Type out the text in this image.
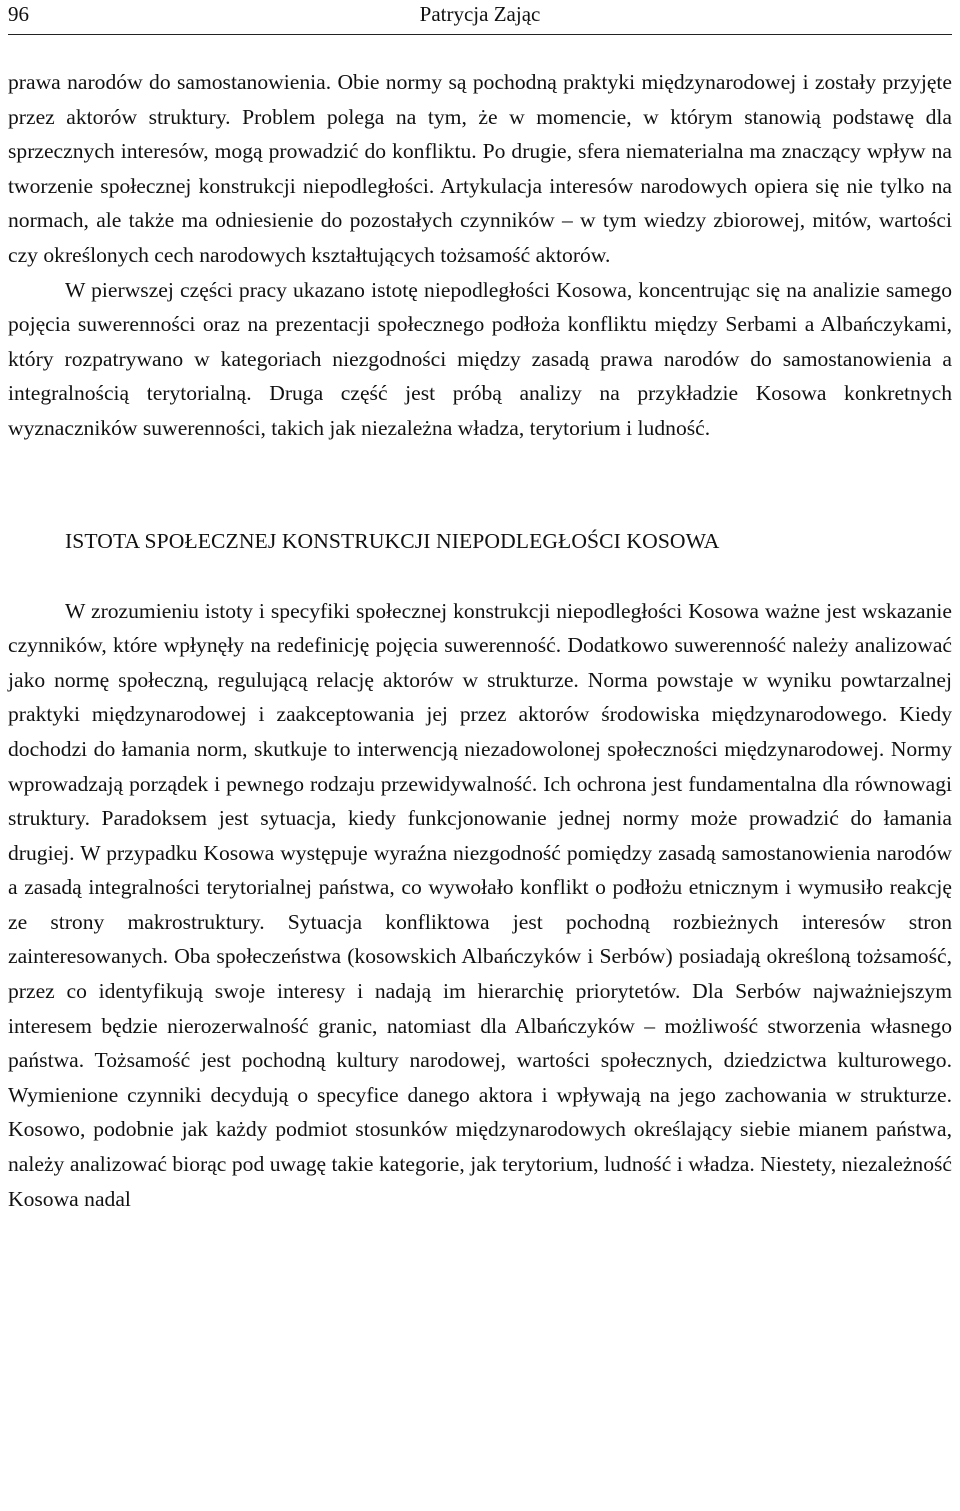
96	Patrycja Zając

prawa narodów do samostanowienia. Obie normy są pochodną praktyki międzynarodowej i zostały przyjęte przez aktorów struktury. Problem polega na tym, że w momencie, w którym stanowią podstawę dla sprzecznych interesów, mogą prowadzić do konfliktu. Po drugie, sfera niematerialna ma znaczący wpływ na tworzenie społecznej konstrukcji niepodległości. Artykulacja interesów narodowych opiera się nie tylko na normach, ale także ma odniesienie do pozostałych czynników – w tym wiedzy zbiorowej, mitów, wartości czy określonych cech narodowych kształtujących tożsamość aktorów.

W pierwszej części pracy ukazano istotę niepodległości Kosowa, koncentrując się na analizie samego pojęcia suwerenności oraz na prezentacji społecznego podłoża konfliktu między Serbami a Albańczykami, który rozpatrywano w kategoriach niezgodności między zasadą prawa narodów do samostanowienia a integralnością terytorialną. Druga część jest próbą analizy na przykładzie Kosowa konkretnych wyznaczników suwerenności, takich jak niezależna władza, terytorium i ludność.

ISTOTA SPOŁECZNEJ KONSTRUKCJI NIEPODLEGŁOŚCI KOSOWA

W zrozumieniu istoty i specyfiki społecznej konstrukcji niepodległości Kosowa ważne jest wskazanie czynników, które wpłynęły na redefinicję pojęcia suwerenność. Dodatkowo suwerenność należy analizować jako normę społeczną, regulującą relację aktorów w strukturze. Norma powstaje w wyniku powtarzalnej praktyki międzynarodowej i zaakceptowania jej przez aktorów środowiska międzynarodowego. Kiedy dochodzi do łamania norm, skutkuje to interwencją niezadowolonej społeczności międzynarodowej. Normy wprowadzają porządek i pewnego rodzaju przewidywalność. Ich ochrona jest fundamentalna dla równowagi struktury. Paradoksem jest sytuacja, kiedy funkcjonowanie jednej normy może prowadzić do łamania drugiej. W przypadku Kosowa występuje wyraźna niezgodność pomiędzy zasadą samostanowienia narodów a zasadą integralności terytorialnej państwa, co wywołało konflikt o podłożu etnicznym i wymusiło reakcję ze strony makrostruktury. Sytuacja konfliktowa jest pochodną rozbieżnych interesów stron zainteresowanych. Oba społeczeństwa (kosowskich Albańczyków i Serbów) posiadają określoną tożsamość, przez co identyfikują swoje interesy i nadają im hierarchię priorytetów. Dla Serbów najważniejszym interesem będzie nierozerwalność granic, natomiast dla Albańczyków – możliwość stworzenia własnego państwa. Tożsamość jest pochodną kultury narodowej, wartości społecznych, dziedzictwa kulturowego. Wymienione czynniki decydują o specyfice danego aktora i wpływają na jego zachowania w strukturze. Kosowo, podobnie jak każdy podmiot stosunków międzynarodowych określający siebie mianem państwa, należy analizować biorąc pod uwagę takie kategorie, jak terytorium, ludność i władza. Niestety, niezależność Kosowa nadal
